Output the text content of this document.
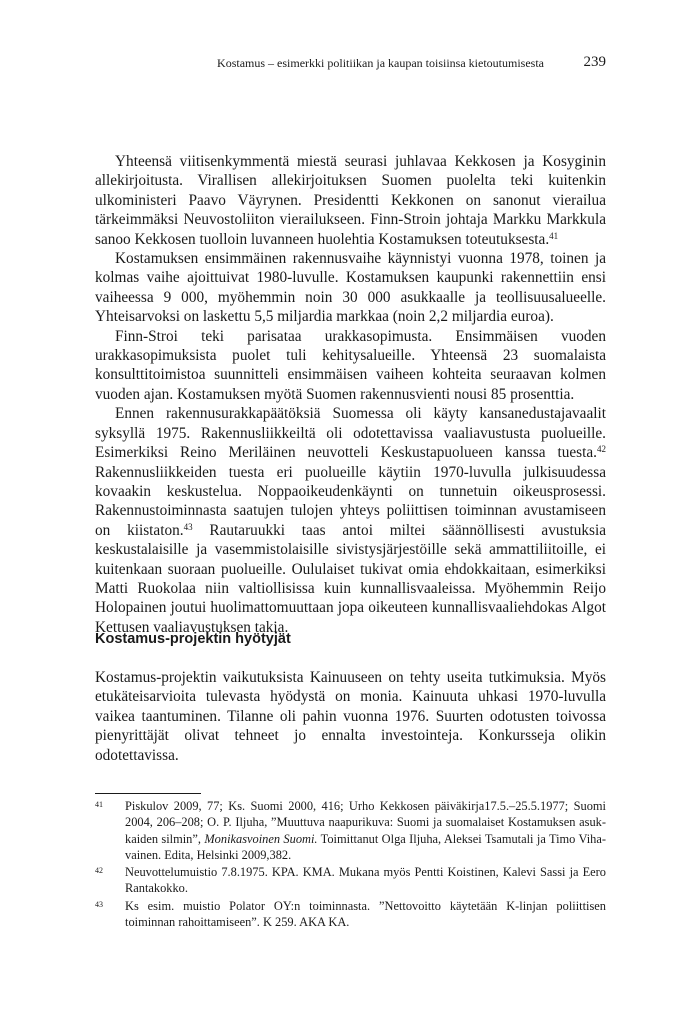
Kostamus – esimerkki politiikan ja kaupan toisiinsa kietoutumisesta	239

Yhteensä viitisenkymmentä miestä seurasi juhlavaa Kekkosen ja Kosyginin allekirjoitusta. Virallisen allekirjoituksen Suomen puolelta teki kuitenkin ulkoministeri Paavo Väyrynen. Presidentti Kekkonen on sanonut vierailua tärkeimmäksi Neuvostoliiton vierailukseen. Finn-Stroin johtaja Markku Markkula sanoo Kekkosen tuolloin luvanneen huolehtia Kostamuksen toteutuksesta.$^{41}$

Kostamuksen ensimmäinen rakennusvaihe käynnistyi vuonna 1978, toinen ja kolmas vaihe ajoittuivat 1980-luvulle. Kostamuksen kaupunki rakennettiin ensi vaiheessa 9 000, myöhemmin noin 30 000 asukkaalle ja teollisuusalueelle. Yhteisarvoksi on laskettu 5,5 miljardia markkaa (noin 2,2 miljardia euroa).

Finn-Stroi teki parisataa urakkasopimusta. Ensimmäisen vuoden urakkasopimuksista puolet tuli kehitysalueille. Yhteensä 23 suomalaista konsulttitoimistoa suunnitteli ensimmäisen vaiheen kohteita seuraavan kolmen vuoden ajan. Kostamuksen myötä Suomen rakennusvienti nousi 85 prosenttia.

Ennen rakennusurakkapäätöksiä Suomessa oli käyty kansanedustajavaalit syksyllä 1975. Rakennusliikkeiltä oli odotettavissa vaaliavustusta puolueille. Esimerkiksi Reino Meriläinen neuvotteli Keskustapuolueen kanssa tuesta.$^{42}$ Rakennusliikkeiden tuesta eri puolueille käytiin 1970-luvulla julkisuudessa kovaakin keskustelua. Noppaoikeudenkäynti on tunnetuin oikeusprosessi. Rakennustoiminnasta saatujen tulojen yhteys poliittisen toiminnan avustamiseen on kiistaton.$^{43}$ Rautaruukki taas antoi miltei säännöllisesti avustuksia keskustalaisille ja vasemmistolaisille sivistysjärjestöille sekä ammattiliitoille, ei kuitenkaan suoraan puolueille. Oululaiset tukivat omia ehdokkaitaan, esimerkiksi Matti Ruokolaa niin valtiollisissa kuin kunnallisvaaleissa. Myöhemmin Reijo Holopainen joutui huolimattomuuttaan jopa oikeuteen kunnallisvaaliehdokas Algot Kettusen vaaliavustuksen takia.

Kostamus-projektin hyötyjät

Kostamus-projektin vaikutuksista Kainuuseen on tehty useita tutkimuksia. Myös etukäteisarvioita tulevasta hyödystä on monia. Kainuuta uhkasi 1970-luvulla vaikea taantuminen. Tilanne oli pahin vuonna 1976. Suurten odotusten toivossa pienyrittäjät olivat tehneet jo ennalta investointeja. Konkursseja olikin odotettavissa.

41 Piskulov 2009, 77; Ks. Suomi 2000, 416; Urho Kekkosen päiväkirja17.5.–25.5.1977; Suomi 2004, 206–208; O. P. Iljuha, ”Muuttuva naapurikuva: Suomi ja suomalaiset Kostamuksen asukkaiden silmin”, Monikasvoinen Suomi. Toimittanut Olga Iljuha, Aleksei Tsamutali ja Timo Vihavainen. Edita, Helsinki 2009,382.
42 Neuvottelumuistio 7.8.1975. KPA. KMA. Mukana myös Pentti Koistinen, Kalevi Sassi ja Eero Rantakokko.
43 Ks esim. muistio Polator OY:n toiminnasta. ”Nettovoitto käytetään K-linjan poliittisen toiminnan rahoittamiseen”. K 259. AKA KA.
